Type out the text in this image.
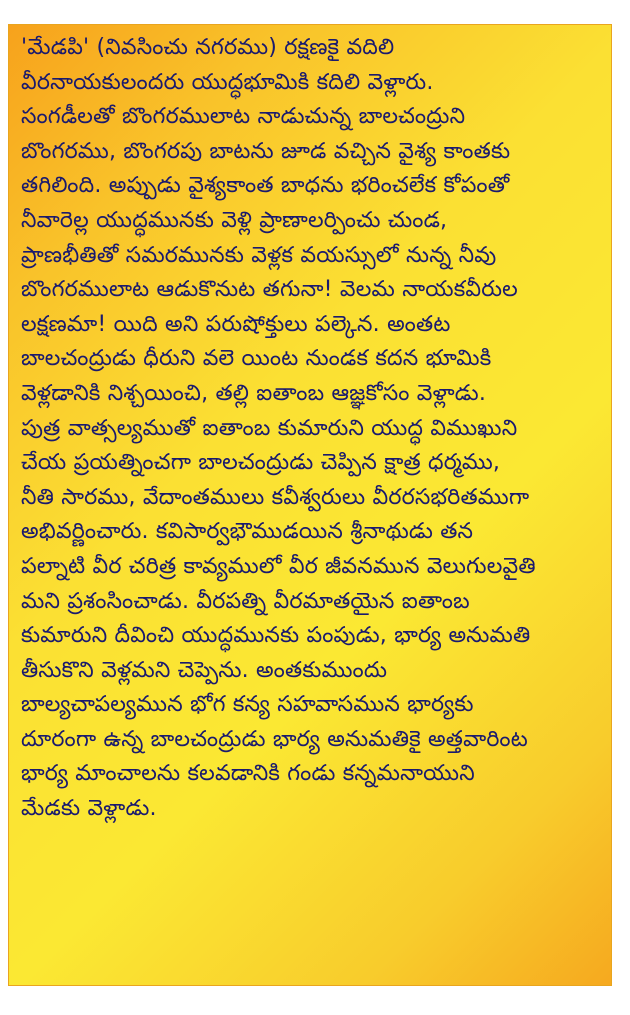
'మేడపి' (నివసించు నగరము) రక్షణకై వదిలి
వీరనాయకులందరు యుద్ధభూమికి కదిలి వెళ్లారు.
సంగడీలతో బొంగరములాట నాడుచున్న బాలచంద్రుని
బొంగరము, బొంగరపు బాటను జూడ వచ్చిన వైశ్య కాంతకు
తగిలింది. అప్పుడు వైశ్యకాంత బాధను భరించలేక కోపంతో
నీవారెల్ల యుద్ధమునకు వెళ్లి ప్రాణాలర్పించు చుండ,
ప్రాణభీతితో సమరమునకు వెళ్లక వయస్సులో నున్న నీవు
బొంగరములాట ఆడుకొనుట తగునా! వెలమ నాయకవీరుల
లక్షణమా! యిది అని పరుషోక్తులు పల్కెన. అంతట
బాలచంద్రుడు ధీరుని వలె యింట నుండక కదన భూమికి
వెళ్లడానికి నిశ్చయించి, తల్లి ఐతాంబ ఆజ్ఞకోసం వెళ్లాడు.
పుత్ర వాత్సల్యముతో ఐతాంబ కుమారుని యుద్ధ విముఖుని
చేయ ప్రయత్నించగా బాలచంద్రుడు చెప్పిన క్షాత్ర ధర్మము,
నీతి సారము, వేదాంతములు కవీశ్వరులు వీరరసభరితముగా
అభివర్ణించారు. కవిసార్వభౌముడయిన శ్రీనాథుడు తన
పల్నాటి వీర చరిత్ర కావ్యములో వీర జీవనమున వెలుగులవైతి
మని ప్రశంసించాడు. వీరపత్ని వీరమాతయైన ఐతాంబ
కుమారుని దీవించి యుద్ధమునకు పంపుడు, భార్య అనుమతి
తీసుకొని వెళ్లమని చెప్పెను. అంతకుముందు
బాల్యచాపల్యమున భోగ కన్య సహవాసమున భార్యకు
దూరంగా ఉన్న బాలచంద్రుడు భార్య అనుమతికై అత్తవారింట
భార్య మాంచాలను కలవడానికి గండు కన్నమనాయుని
మేడకు వెళ్లాడు.
